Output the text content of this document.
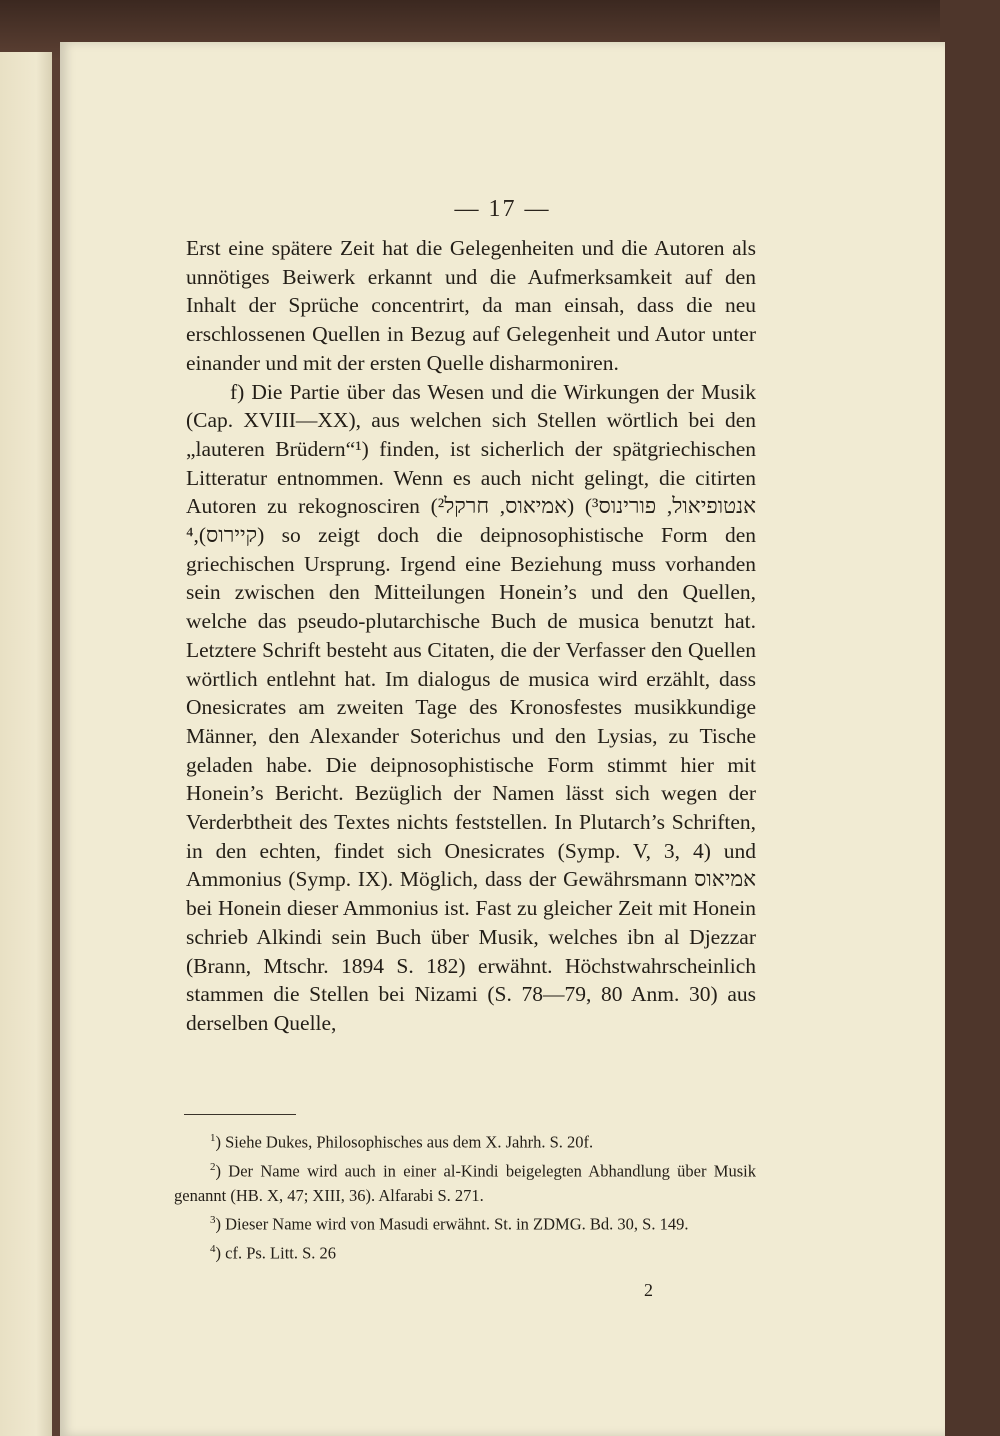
— 17 —

Erst eine spätere Zeit hat die Gelegenheiten und die Autoren als unnötiges Beiwerk erkannt und die Aufmerksamkeit auf den Inhalt der Sprüche concentrirt, da man einsah, dass die neu erschlossenen Quellen in Bezug auf Gelegenheit und Autor unter einander und mit der ersten Quelle disharmoniren.

f) Die Partie über das Wesen und die Wirkungen der Musik (Cap. XVIII—XX), aus welchen sich Stellen wörtlich bei den „lauteren Brüdern“¹) finden, ist sicherlich der spätgriechischen Litteratur entnommen. Wenn es auch nicht gelingt, die citirten Autoren zu rekognosciren (אמיאוס, חרקל²) אנטופיאול, פורינוס³) קיירוס),⁴) so zeigt doch die deipnosophistische Form den griechischen Ursprung. Irgend eine Beziehung muss vorhanden sein zwischen den Mitteilungen Honein’s und den Quellen, welche das pseudo-plutarchische Buch de musica benutzt hat. Letztere Schrift besteht aus Citaten, die der Verfasser den Quellen wörtlich entlehnt hat. Im dialogus de musica wird erzählt, dass Onesicrates am zweiten Tage des Kronosfestes musikkundige Männer, den Alexander Soterichus und den Lysias, zu Tische geladen habe. Die deipnosophistische Form stimmt hier mit Honein’s Bericht. Bezüglich der Namen lässt sich wegen der Verderbtheit des Textes nichts feststellen. In Plutarch’s Schriften, in den echten, findet sich Onesicrates (Symp. V, 3, 4) und Ammonius (Symp. IX). Möglich, dass der Gewährsmann אמיאוס bei Honein dieser Ammonius ist. Fast zu gleicher Zeit mit Honein schrieb Alkindi sein Buch über Musik, welches ibn al Djezzar (Brann, Mtschr. 1894 S. 182) erwähnt. Höchstwahrscheinlich stammen die Stellen bei Nizami (S. 78—79, 80 Anm. 30) aus derselben Quelle,

$^1$) Siehe Dukes, Philosophisches aus dem X. Jahrh. S. 20f.

$^2$) Der Name wird auch in einer al-Kindi beigelegten Abhandlung über Musik genannt (HB. X, 47; XIII, 36). Alfarabi S. 271.

$^3$) Dieser Name wird von Masudi erwähnt. St. in ZDMG. Bd. 30, S. 149.

$^4$) cf. Ps. Litt. S. 26

2
